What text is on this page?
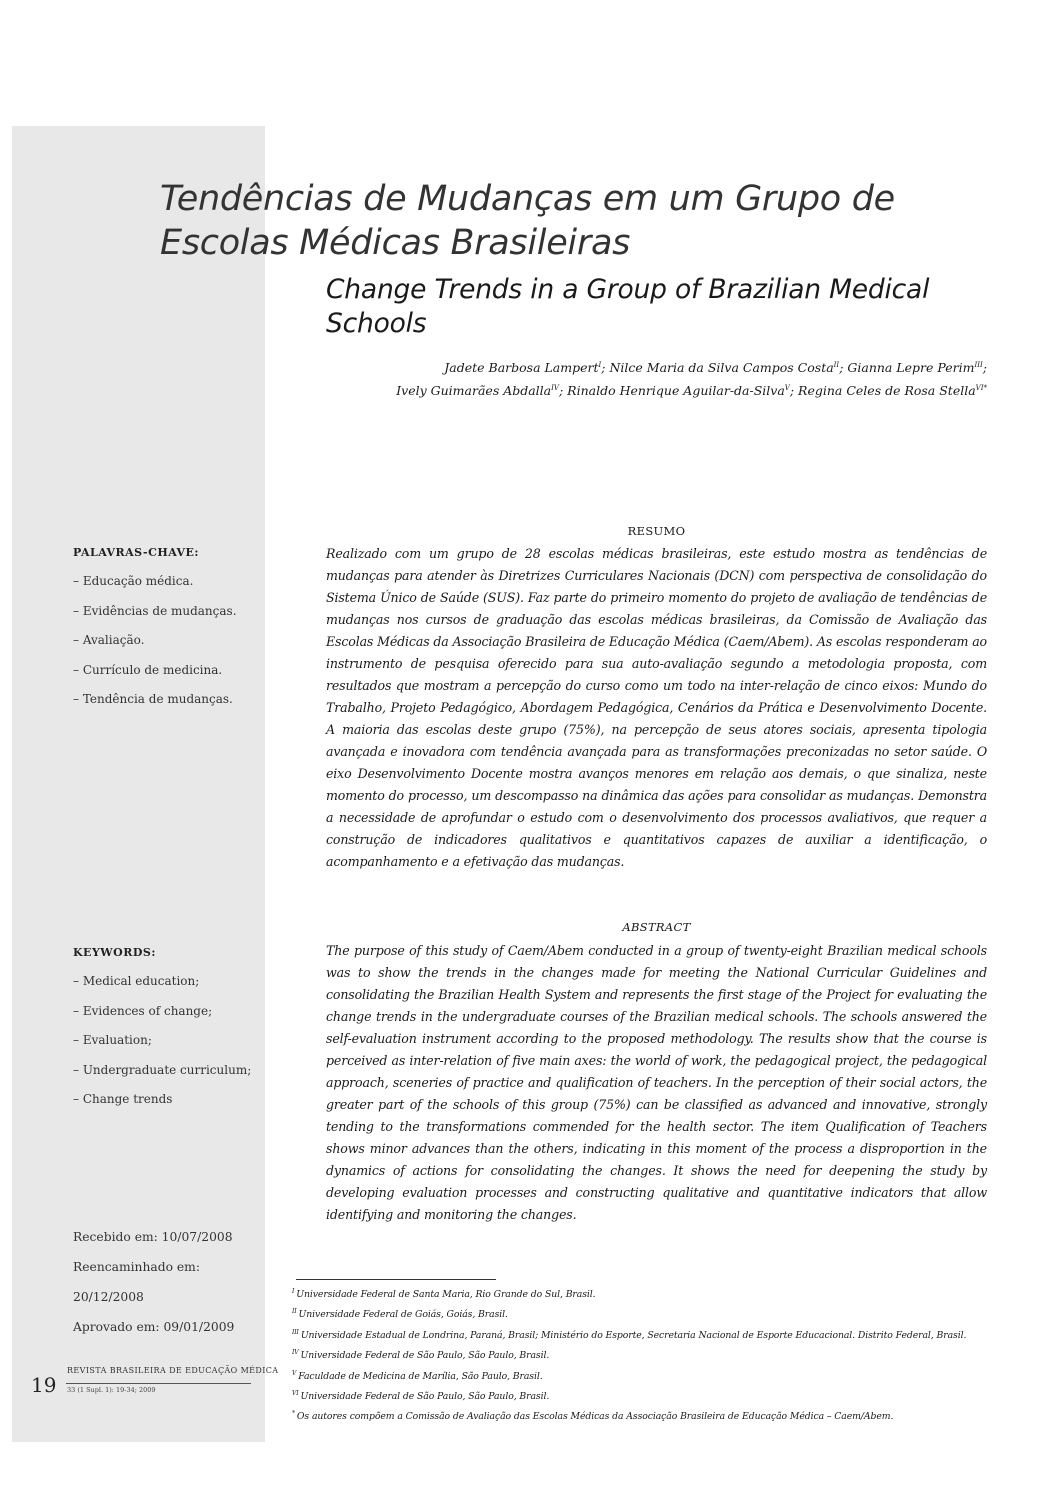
Tendências de Mudanças em um Grupo de Escolas Médicas Brasileiras
Change Trends in a Group of Brazilian Medical Schools
Jadete Barbosa Lampert$^I$; Nilce Maria da Silva Campos Costa$^{II}$; Gianna Lepre Perim$^{III}$;
Ively Guimarães Abdalla$^{IV}$; Rinaldo Henrique Aguilar-da-Silva$^V$; Regina Celes de Rosa Stella$^{VI*}$
RESUMO

Realizado com um grupo de 28 escolas médicas brasileiras, este estudo mostra as tendências de mudanças para atender às Diretrizes Curriculares Nacionais (DCN) com perspectiva de consolidação do Sistema Único de Saúde (SUS). Faz parte do primeiro momento do projeto de avaliação de tendências de mudanças nos cursos de graduação das escolas médicas brasileiras, da Comissão de Avaliação das Escolas Médicas da Associação Brasileira de Educação Médica (Caem/Abem). As escolas responderam ao instrumento de pesquisa oferecido para sua auto-avaliação segundo a metodologia proposta, com resultados que mostram a percepção do curso como um todo na inter-relação de cinco eixos: Mundo do Trabalho, Projeto Pedagógico, Abordagem Pedagógica, Cenários da Prática e Desenvolvimento Docente. A maioria das escolas deste grupo (75%), na percepção de seus atores sociais, apresenta tipologia avançada e inovadora com tendência avançada para as transformações preconizadas no setor saúde. O eixo Desenvolvimento Docente mostra avanços menores em relação aos demais, o que sinaliza, neste momento do processo, um descompasso na dinâmica das ações para consolidar as mudanças. Demonstra a necessidade de aprofundar o estudo com o desenvolvimento dos processos avaliativos, que requer a construção de indicadores qualitativos e quantitativos capazes de auxiliar a identificação, o acompanhamento e a efetivação das mudanças.

ABSTRACT

The purpose of this study of Caem/Abem conducted in a group of twenty-eight Brazilian medical schools was to show the trends in the changes made for meeting the National Curricular Guidelines and consolidating the Brazilian Health System and represents the first stage of the Project for evaluating the change trends in the undergraduate courses of the Brazilian medical schools. The schools answered the self-evaluation instrument according to the proposed methodology. The results show that the course is perceived as inter-relation of five main axes: the world of work, the pedagogical project, the pedagogical approach, sceneries of practice and qualification of teachers. In the perception of their social actors, the greater part of the schools of this group (75%) can be classified as advanced and innovative, strongly tending to the transformations commended for the health sector. The item Qualification of Teachers shows minor advances than the others, indicating in this moment of the process a disproportion in the dynamics of actions for consolidating the changes. It shows the need for deepening the study by developing evaluation processes and constructing qualitative and quantitative indicators that allow identifying and monitoring the changes.

PALAVRAS-CHAVE:
– Educação médica.
– Evidências de mudanças.
– Avaliação.
– Currículo de medicina.
– Tendência de mudanças.
KEYWORDS:
– Medical education;
– Evidences of change;
– Evaluation;
– Undergraduate curriculum;
– Change trends
Recebido em: 10/07/2008
Reencaminhado em: 20/12/2008
Aprovado em: 09/01/2009
19
REVISTA BRASILEIRA DE EDUCAÇÃO MÉDICA
33 (1 Supl. 1): 19-34; 2009
$^I$ Universidade Federal de Santa Maria, Rio Grande do Sul, Brasil.
$^{II}$ Universidade Federal de Goiás, Goiás, Brasil.
$^{III}$ Universidade Estadual de Londrina, Paraná, Brasil; Ministério do Esporte, Secretaria Nacional de Esporte Educacional. Distrito Federal, Brasil.
$^{IV}$ Universidade Federal de São Paulo, São Paulo, Brasil.
$^V$ Faculdade de Medicina de Marília, São Paulo, Brasil.
$^{VI}$ Universidade Federal de São Paulo, São Paulo, Brasil.
* Os autores compõem a Comissão de Avaliação das Escolas Médicas da Associação Brasileira de Educação Médica – Caem/Abem.
